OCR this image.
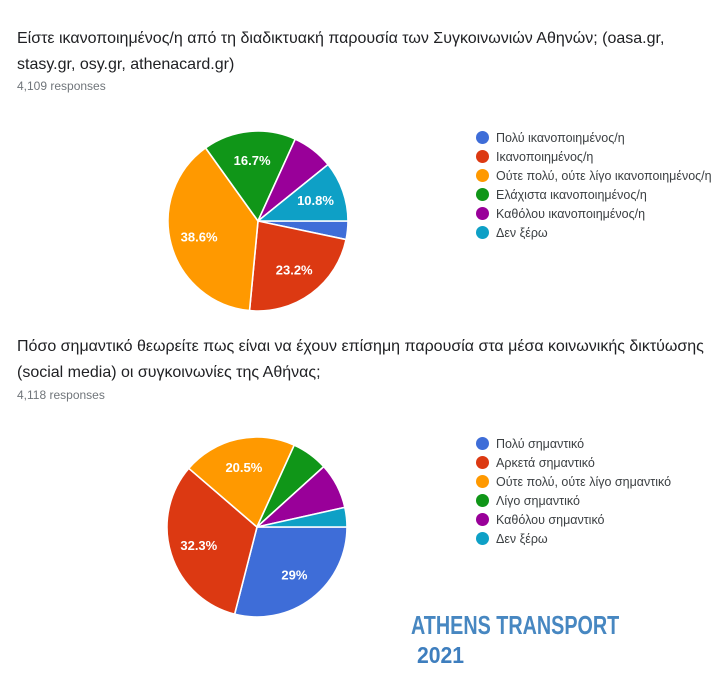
Είστε ικανοποιημένος/η από τη διαδικτυακή παρουσία των Συγκοινωνιών Αθηνών; (oasa.gr, stasy.gr, osy.gr, athenacard.gr)
4,109 responses
23.2%
38.6%
16.7%
10.8%
Πολύ ικανοποιημένος/η
Ικανοποιημένος/η
Ούτε πολύ, ούτε λίγο ικανοποιημένος/η
Ελάχιστα ικανοποιημένος/η
Καθόλου ικανοποιημένος/η
Δεν ξέρω
Πόσο σημαντικό θεωρείτε πως είναι να έχουν επίσημη παρουσία στα μέσα κοινωνικής δικτύωσης (social media) οι συγκοινωνίες της Αθήνας;
4,118 responses
29%
32.3%
20.5%
Πολύ σημαντικό
Αρκετά σημαντικό
Ούτε πολύ, ούτε λίγο σημαντικό
Λίγο σημαντικό
Καθόλου σημαντικό
Δεν ξέρω
ATHENS TRANSPORT
2021
